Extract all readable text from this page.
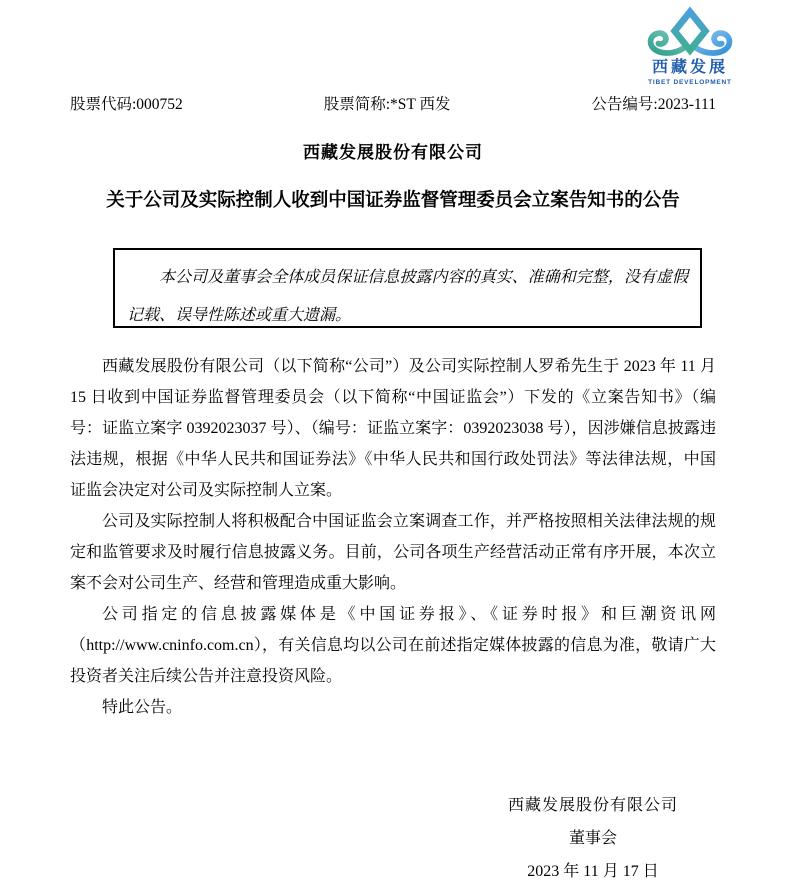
西藏发展
TIBET DEVELOPMENT
股票代码:000752	股票简称:*ST 西发	公告编号:2023-111
西藏发展股份有限公司
关于公司及实际控制人收到中国证券监督管理委员会立案告知书的公告

本公司及董事会全体成员保证信息披露内容的真实、准确和完整，没有虚假记载、误导性陈述或重大遗漏。

西藏发展股份有限公司（以下简称“公司”）及公司实际控制人罗希先生于 2023 年 11 月 15 日收到中国证券监督管理委员会（以下简称“中国证监会”）下发的《立案告知书》（编号：证监立案字 0392023037 号）、（编号：证监立案字：0392023038 号），因涉嫌信息披露违法违规，根据《中华人民共和国证券法》《中华人民共和国行政处罚法》等法律法规，中国证监会决定对公司及实际控制人立案。

公司及实际控制人将积极配合中国证监会立案调查工作，并严格按照相关法律法规的规定和监管要求及时履行信息披露义务。目前，公司各项生产经营活动正常有序开展，本次立案不会对公司生产、经营和管理造成重大影响。

公司指定的信息披露媒体是《中国证券报》、《证券时报》和巨潮资讯网（http://www.cninfo.com.cn），有关信息均以公司在前述指定媒体披露的信息为准，敬请广大投资者关注后续公告并注意投资风险。

特此公告。

西藏发展股份有限公司
董事会
2023 年 11 月 17 日
